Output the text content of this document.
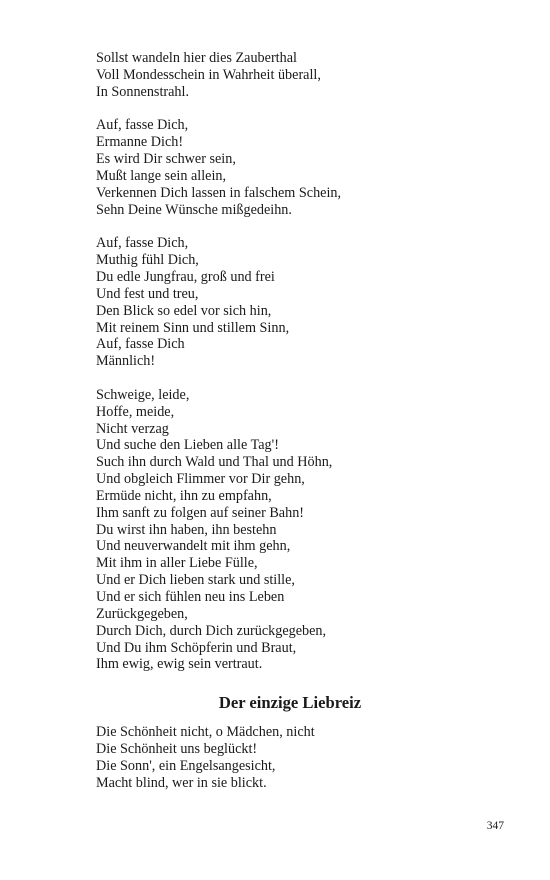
Sollst wandeln hier dies Zauberthal
Voll Mondesschein in Wahrheit überall,
In Sonnenstrahl.
Auf, fasse Dich,
Ermanne Dich!
Es wird Dir schwer sein,
Mußt lange sein allein,
Verkennen Dich lassen in falschem Schein,
Sehn Deine Wünsche mißgedeihn.
Auf, fasse Dich,
Muthig fühl Dich,
Du edle Jungfrau, groß und frei
Und fest und treu,
Den Blick so edel vor sich hin,
Mit reinem Sinn und stillem Sinn,
Auf, fasse Dich
Männlich!
Schweige, leide,
Hoffe, meide,
Nicht verzag
Und suche den Lieben alle Tag'!
Such ihn durch Wald und Thal und Höhn,
Und obgleich Flimmer vor Dir gehn,
Ermüde nicht, ihn zu empfahn,
Ihm sanft zu folgen auf seiner Bahn!
Du wirst ihn haben, ihn bestehn
Und neuverwandelt mit ihm gehn,
Mit ihm in aller Liebe Fülle,
Und er Dich lieben stark und stille,
Und er sich fühlen neu ins Leben
Zurückgegeben,
Durch Dich, durch Dich zurückgegeben,
Und Du ihm Schöpferin und Braut,
Ihm ewig, ewig sein vertraut.
Der einzige Liebreiz
Die Schönheit nicht, o Mädchen, nicht
Die Schönheit uns beglückt!
Die Sonn', ein Engelsangesicht,
Macht blind, wer in sie blickt.
347
